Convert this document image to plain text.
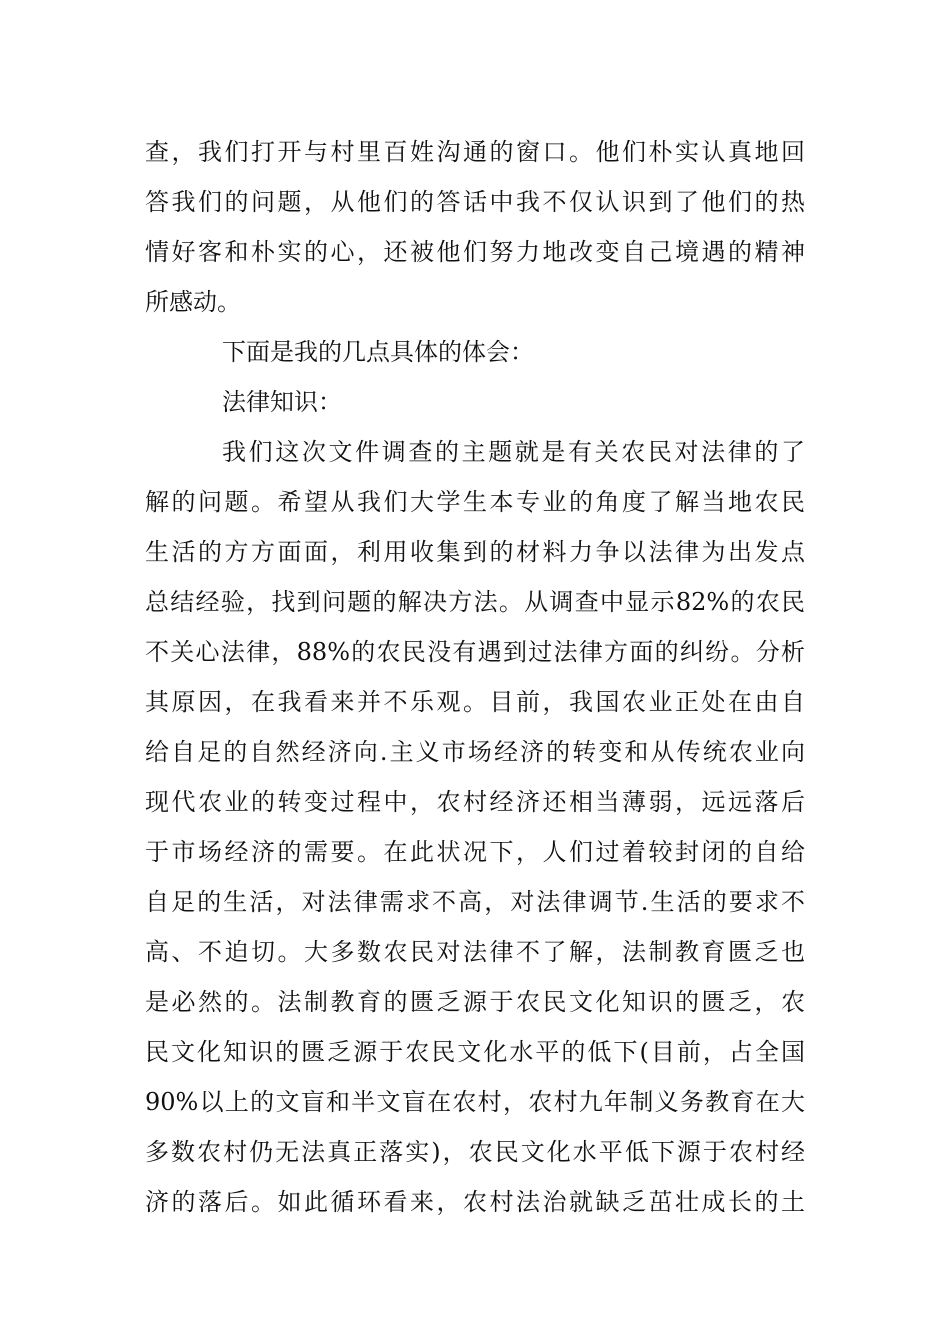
查，我们打开与村里百姓沟通的窗口。他们朴实认真地回
答我们的问题，从他们的答话中我不仅认识到了他们的热
情好客和朴实的心，还被他们努力地改变自己境遇的精神
所感动。
下面是我的几点具体的体会：
法律知识：
我们这次文件调查的主题就是有关农民对法律的了
解的问题。希望从我们大学生本专业的角度了解当地农民
生活的方方面面，利用收集到的材料力争以法律为出发点
总结经验，找到问题的解决方法。从调查中显示82%的农民
不关心法律，88%的农民没有遇到过法律方面的纠纷。分析
其原因，在我看来并不乐观。目前，我国农业正处在由自
给自足的自然经济向.主义市场经济的转变和从传统农业向
现代农业的转变过程中，农村经济还相当薄弱，远远落后
于市场经济的需要。在此状况下，人们过着较封闭的自给
自足的生活，对法律需求不高，对法律调节.生活的要求不
高、不迫切。大多数农民对法律不了解，法制教育匮乏也
是必然的。法制教育的匮乏源于农民文化知识的匮乏，农
民文化知识的匮乏源于农民文化水平的低下(目前，占全国
90%以上的文盲和半文盲在农村，农村九年制义务教育在大
多数农村仍无法真正落实)，农民文化水平低下源于农村经
济的落后。如此循环看来，农村法治就缺乏茁壮成长的土
